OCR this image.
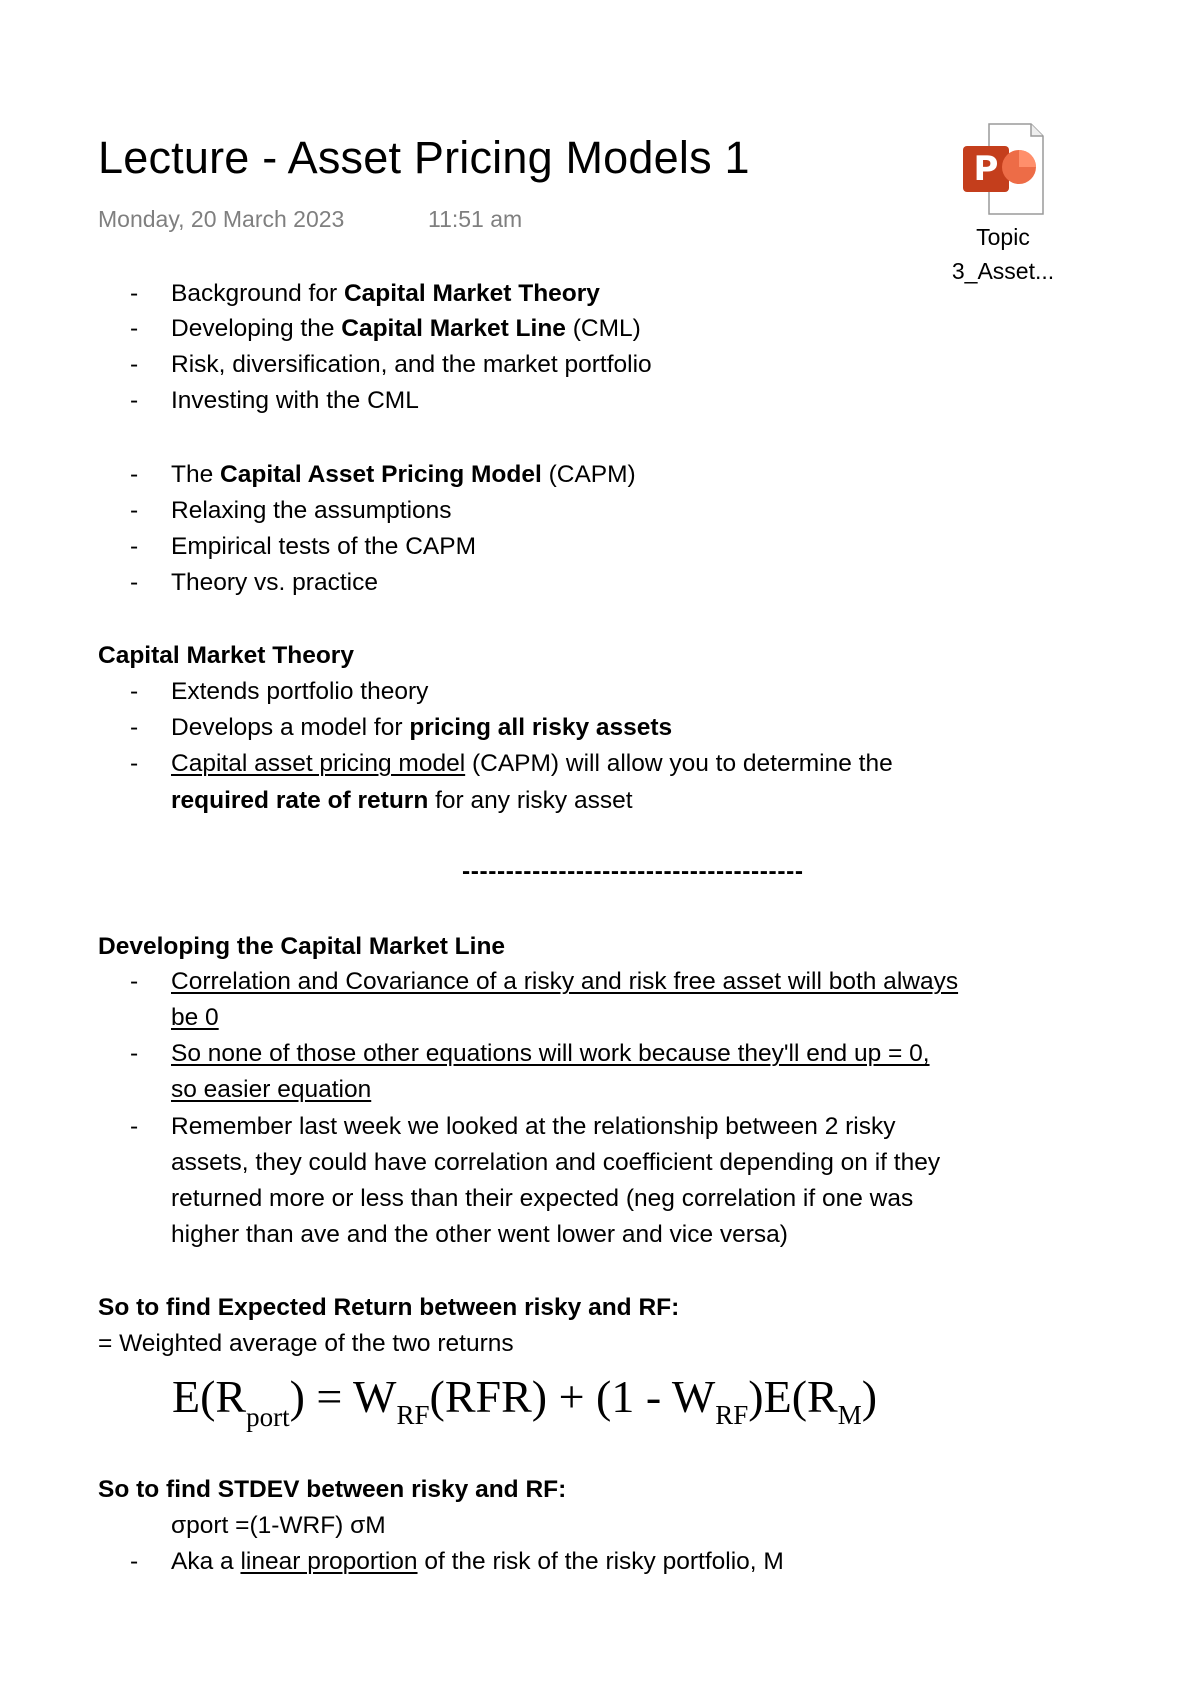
Lecture - Asset Pricing Models 1
Monday, 20 March 2023	11:51 am
P
Topic
3_Asset...
- Background for Capital Market Theory
- Developing the Capital Market Line (CML)
- Risk, diversification, and the market portfolio
- Investing with the CML
- The Capital Asset Pricing Model (CAPM)
- Relaxing the assumptions
- Empirical tests of the CAPM
- Theory vs. practice
Capital Market Theory
- Extends portfolio theory
- Develops a model for pricing all risky assets
- Capital asset pricing model (CAPM) will allow you to determine the
required rate of return for any risky asset
---------------------------------------
Developing the Capital Market Line
- Correlation and Covariance of a risky and risk free asset will both always
be 0
- So none of those other equations will work because they'll end up = 0,
so easier equation
- Remember last week we looked at the relationship between 2 risky
assets, they could have correlation and coefficient depending on if they
returned more or less than their expected (neg correlation if one was
higher than ave and the other went lower and vice versa)
So to find Expected Return between risky and RF:
= Weighted average of the two returns
$E(R_{port}) = W_{RF}(RFR) + (1 - W_{RF})E(R_M)$
So to find STDEV between risky and RF:
σport =(1-WRF) σM
- Aka a linear proportion of the risk of the risky portfolio, M
